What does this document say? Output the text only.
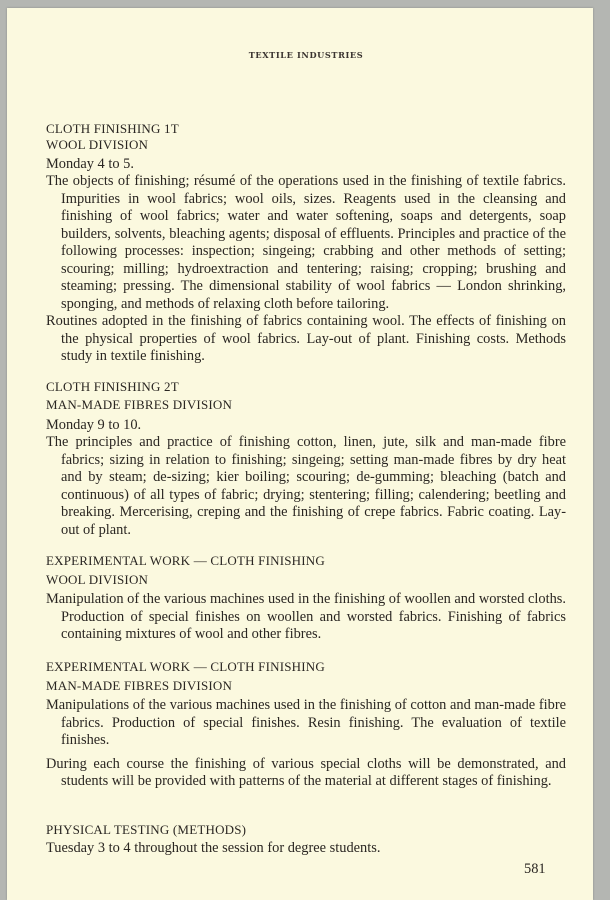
TEXTILE INDUSTRIES

CLOTH FINISHING 1T

WOOL DIVISION

Monday 4 to 5.

The objects of finishing; résumé of the operations used in the finishing of textile fabrics. Impurities in wool fabrics; wool oils, sizes. Reagents used in the cleansing and finishing of wool fabrics; water and water softening, soaps and detergents, soap builders, solvents, bleaching agents; disposal of effluents. Principles and practice of the following processes: inspection; singeing; crabbing and other methods of setting; scouring; milling; hydroextraction and tentering; raising; cropping; brushing and steaming; pressing. The dimensional stability of wool fabrics — London shrinking, sponging, and methods of relaxing cloth before tailoring.

Routines adopted in the finishing of fabrics containing wool. The effects of finishing on the physical properties of wool fabrics. Lay-out of plant. Finishing costs. Methods study in textile finishing.

CLOTH FINISHING 2T

MAN-MADE FIBRES DIVISION

Monday 9 to 10.

The principles and practice of finishing cotton, linen, jute, silk and man-made fibre fabrics; sizing in relation to finishing; singeing; setting man-made fibres by dry heat and by steam; de-sizing; kier boiling; scouring; de-gumming; bleaching (batch and continuous) of all types of fabric; drying; stentering; filling; calendering; beetling and breaking. Mercerising, creping and the finishing of crepe fabrics. Fabric coating. Lay-out of plant.

EXPERIMENTAL WORK — CLOTH FINISHING

WOOL DIVISION

Manipulation of the various machines used in the finishing of woollen and worsted cloths. Production of special finishes on woollen and worsted fabrics. Finishing of fabrics containing mixtures of wool and other fibres.

EXPERIMENTAL WORK — CLOTH FINISHING

MAN-MADE FIBRES DIVISION

Manipulations of the various machines used in the finishing of cotton and man-made fibre fabrics. Production of special finishes. Resin finishing. The evaluation of textile finishes.

During each course the finishing of various special cloths will be demonstrated, and students will be provided with patterns of the material at different stages of finishing.

PHYSICAL TESTING (METHODS)

Tuesday 3 to 4 throughout the session for degree students.

581
